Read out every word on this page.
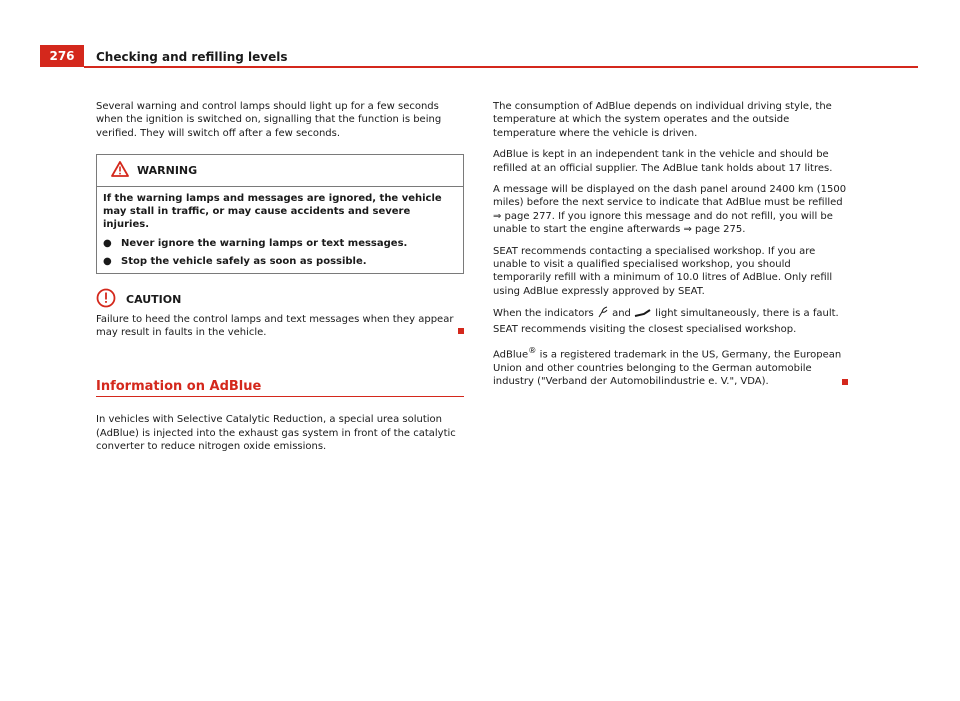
276	Checking and refilling levels

Several warning and control lamps should light up for a few seconds when the ignition is switched on, signalling that the function is being verified. They will switch off after a few seconds.

WARNING
If the warning lamps and messages are ignored, the vehicle may stall in traffic, or may cause accidents and severe injuries.
● Never ignore the warning lamps or text messages.
● Stop the vehicle safely as soon as possible.
CAUTION
Failure to heed the control lamps and text messages when they appear may result in faults in the vehicle.
Information on AdBlue

In vehicles with Selective Catalytic Reduction, a special urea solution (AdBlue) is injected into the exhaust gas system in front of the catalytic converter to reduce nitrogen oxide emissions.

The consumption of AdBlue depends on individual driving style, the temperature at which the system operates and the outside temperature where the vehicle is driven.

AdBlue is kept in an independent tank in the vehicle and should be refilled at an official supplier. The AdBlue tank holds about 17 litres.

A message will be displayed on the dash panel around 2400 km (1500 miles) before the next service to indicate that AdBlue must be refilled ⇒ page 277. If you ignore this message and do not refill, you will be unable to start the engine afterwards ⇒ page 275.

SEAT recommends contacting a specialised workshop. If you are unable to visit a qualified specialised workshop, you should temporarily refill with a minimum of 10.0 litres of AdBlue. Only refill using AdBlue expressly approved by SEAT.

When the indicators and light simultaneously, there is a fault. SEAT recommends visiting the closest specialised workshop.

AdBlue® is a registered trademark in the US, Germany, the European Union and other countries belonging to the German automobile industry ("Verband der Automobilindustrie e. V.", VDA).
